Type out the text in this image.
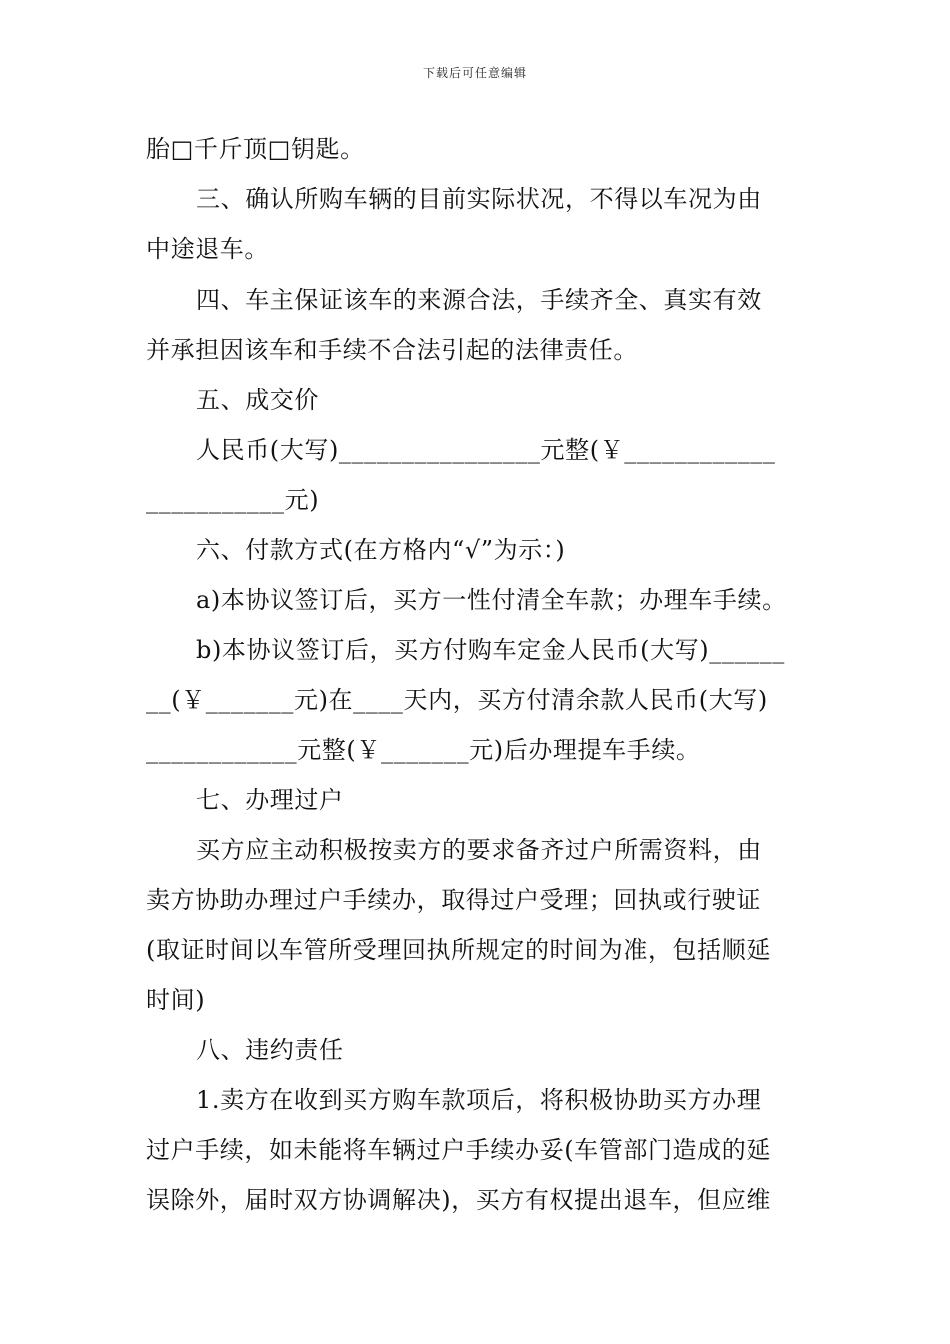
下载后可任意编辑
胎□千斤顶□钥匙。
三、确认所购车辆的目前实际状况，不得以车况为由
中途退车。
四、车主保证该车的来源合法，手续齐全、真实有效
并承担因该车和手续不合法引起的法律责任。
五、成交价
人民币(大写)________________元整(￥____________
___________元)
六、付款方式(在方格内“√”为示：)
a)本协议签订后，买方一性付清全车款；办理车手续。
b)本协议签订后，买方付购车定金人民币(大写)______
__(￥_______元)在____天内，买方付清余款人民币(大写)
____________元整(￥_______元)后办理提车手续。
七、办理过户
买方应主动积极按卖方的要求备齐过户所需资料，由
卖方协助办理过户手续办，取得过户受理；回执或行驶证
(取证时间以车管所受理回执所规定的时间为准，包括顺延
时间)
八、违约责任
1.卖方在收到买方购车款项后，将积极协助买方办理
过户手续，如未能将车辆过户手续办妥(车管部门造成的延
误除外，届时双方协调解决)，买方有权提出退车，但应维
